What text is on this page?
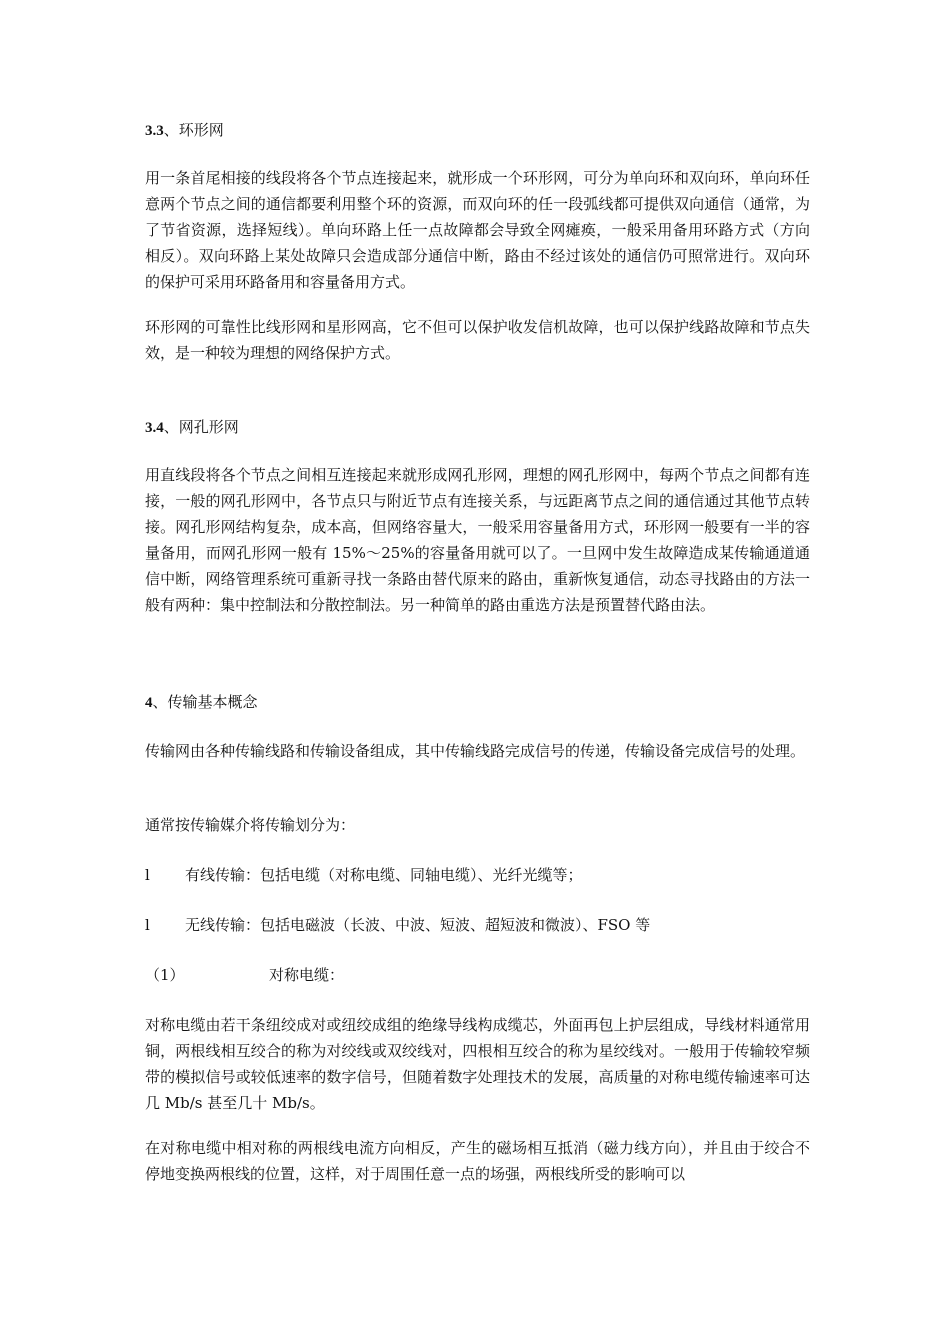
3.3、环形网

用一条首尾相接的线段将各个节点连接起来，就形成一个环形网，可分为单向环和双向环，单向环任意两个节点之间的通信都要利用整个环的资源，而双向环的任一段弧线都可提供双向通信（通常，为了节省资源，选择短线）。单向环路上任一点故障都会导致全网瘫痪，一般采用备用环路方式（方向相反）。双向环路上某处故障只会造成部分通信中断，路由不经过该处的通信仍可照常进行。双向环的保护可采用环路备用和容量备用方式。

环形网的可靠性比线形网和星形网高，它不但可以保护收发信机故障，也可以保护线路故障和节点失效，是一种较为理想的网络保护方式。

3.4、网孔形网

用直线段将各个节点之间相互连接起来就形成网孔形网，理想的网孔形网中，每两个节点之间都有连接，一般的网孔形网中，各节点只与附近节点有连接关系，与远距离节点之间的通信通过其他节点转接。网孔形网结构复杂，成本高，但网络容量大，一般采用容量备用方式，环形网一般要有一半的容量备用，而网孔形网一般有 15%～25%的容量备用就可以了。一旦网中发生故障造成某传输通道通信中断，网络管理系统可重新寻找一条路由替代原来的路由，重新恢复通信，动态寻找路由的方法一般有两种：集中控制法和分散控制法。另一种简单的路由重选方法是预置替代路由法。

4、传输基本概念

传输网由各种传输线路和传输设备组成，其中传输线路完成信号的传递，传输设备完成信号的处理。

通常按传输媒介将传输划分为：

l 有线传输：包括电缆（对称电缆、同轴电缆）、光纤光缆等；
l 无线传输：包括电磁波（长波、中波、短波、超短波和微波）、FSO 等
（1）	对称电缆：

对称电缆由若干条纽绞成对或纽绞成组的绝缘导线构成缆芯，外面再包上护层组成，导线材料通常用铜，两根线相互绞合的称为对绞线或双绞线对，四根相互绞合的称为星绞线对。一般用于传输较窄频带的模拟信号或较低速率的数字信号，但随着数字处理技术的发展，高质量的对称电缆传输速率可达几 Mb/s 甚至几十 Mb/s。

在对称电缆中相对称的两根线电流方向相反，产生的磁场相互抵消（磁力线方向），并且由于绞合不停地变换两根线的位置，这样，对于周围任意一点的场强，两根线所受的影响可以
